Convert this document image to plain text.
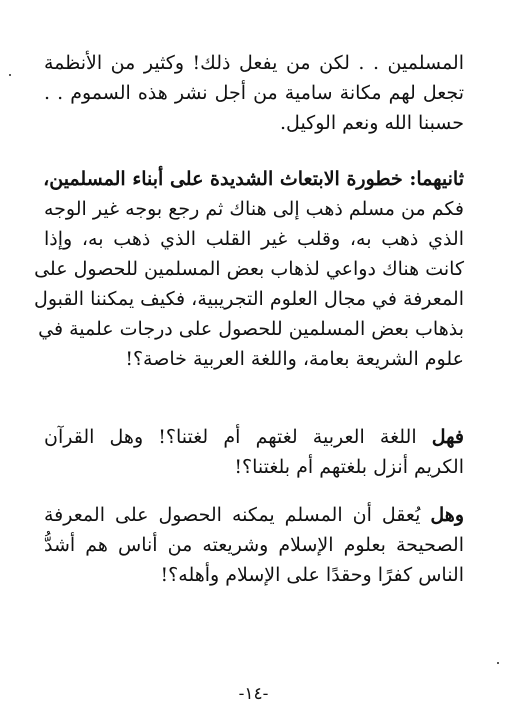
المسلمين . . لكن من يفعل ذلك! وكثير من الأنظمة
تجعل لهم مكانة سامية من أجل نشر هذه السموم . .
حسبنا الله ونعم الوكيل.
ثانيهما: خطورة الابتعاث الشديدة على أبناء المسلمين،
فكم من مسلم ذهب إلى هناك ثم رجع بوجه غير الوجه
الذي ذهب به، وقلب غير القلب الذي ذهب به، وإذا
كانت هناك دواعي لذهاب بعض المسلمين للحصول على
المعرفة في مجال العلوم التجريبية، فكيف يمكننا القبول
بذهاب بعض المسلمين للحصول على درجات علمية في
علوم الشريعة بعامة، واللغة العربية خاصة؟!
فهل اللغة العربية لغتهم أم لغتنا؟! وهل القرآن
الكريم أنزل بلغتهم أم بلغتنا؟!
وهل يُعقل أن المسلم يمكنه الحصول على المعرفة
الصحيحة بعلوم الإسلام وشريعته من أناس هم أشدُّ
الناس كفرًا وحقدًا على الإسلام وأهله؟!
-١٤-
